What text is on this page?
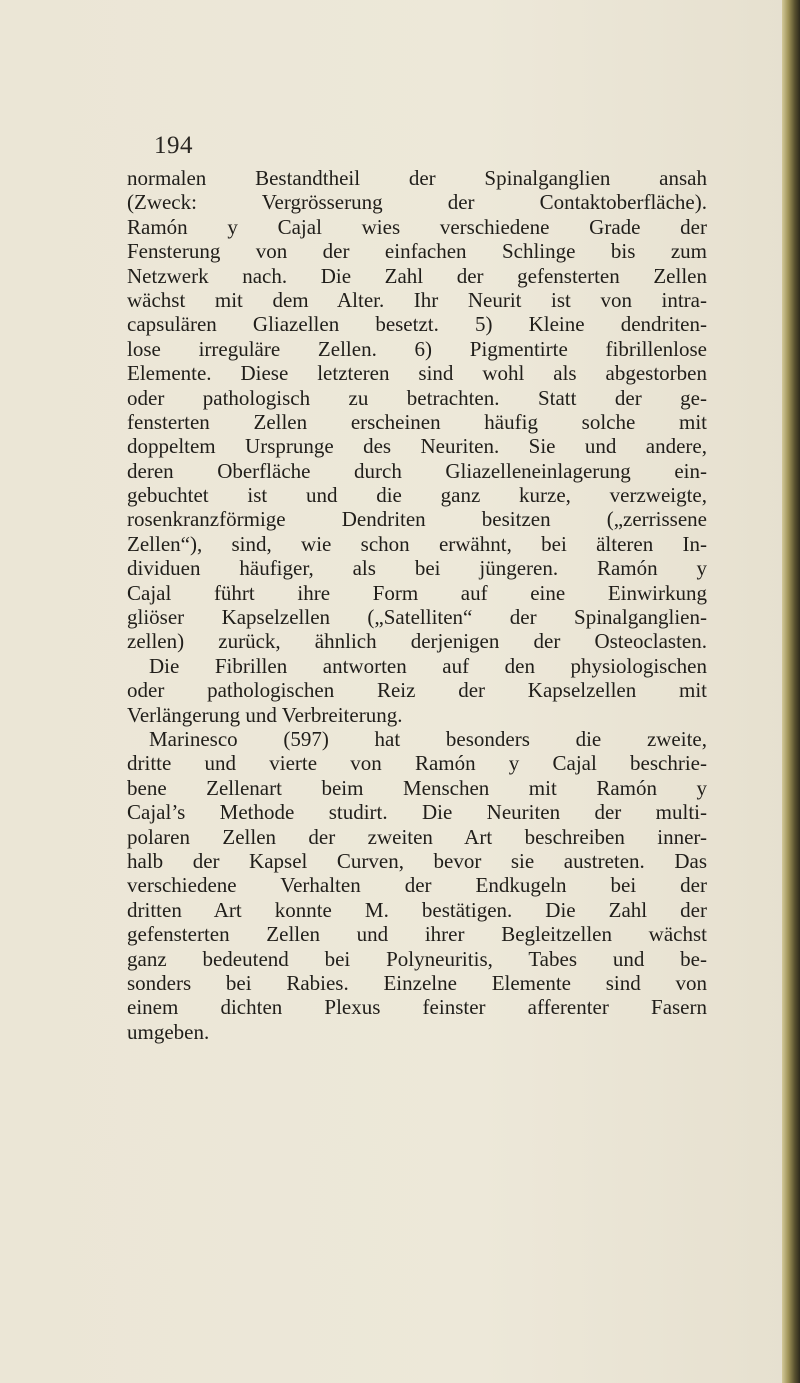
194
normalen Bestandtheil der Spinalganglien ansah
(Zweck: Vergrösserung der Contaktoberfläche).
Ramón y Cajal wies verschiedene Grade der
Fensterung von der einfachen Schlinge bis zum
Netzwerk nach. Die Zahl der gefensterten Zellen
wächst mit dem Alter. Ihr Neurit ist von intra-
capsulären Gliazellen besetzt. 5) Kleine dendriten-
lose irreguläre Zellen. 6) Pigmentirte fibrillenlose
Elemente. Diese letzteren sind wohl als abgestorben
oder pathologisch zu betrachten. Statt der ge-
fensterten Zellen erscheinen häufig solche mit
doppeltem Ursprunge des Neuriten. Sie und andere,
deren Oberfläche durch Gliazelleneinlagerung ein-
gebuchtet ist und die ganz kurze, verzweigte,
rosenkranzförmige Dendriten besitzen („zerrissene
Zellen“), sind, wie schon erwähnt, bei älteren In-
dividuen häufiger, als bei jüngeren. Ramón y
Cajal führt ihre Form auf eine Einwirkung
gliöser Kapselzellen („Satelliten“ der Spinalganglien-
zellen) zurück, ähnlich derjenigen der Osteoclasten.
Die Fibrillen antworten auf den physiologischen
oder pathologischen Reiz der Kapselzellen mit
Verlängerung und Verbreiterung.
Marinesco (597) hat besonders die zweite,
dritte und vierte von Ramón y Cajal beschrie-
bene Zellenart beim Menschen mit Ramón y
Cajal’s Methode studirt. Die Neuriten der multi-
polaren Zellen der zweiten Art beschreiben inner-
halb der Kapsel Curven, bevor sie austreten. Das
verschiedene Verhalten der Endkugeln bei der
dritten Art konnte M. bestätigen. Die Zahl der
gefensterten Zellen und ihrer Begleitzellen wächst
ganz bedeutend bei Polyneuritis, Tabes und be-
sonders bei Rabies. Einzelne Elemente sind von
einem dichten Plexus feinster afferenter Fasern
umgeben.
